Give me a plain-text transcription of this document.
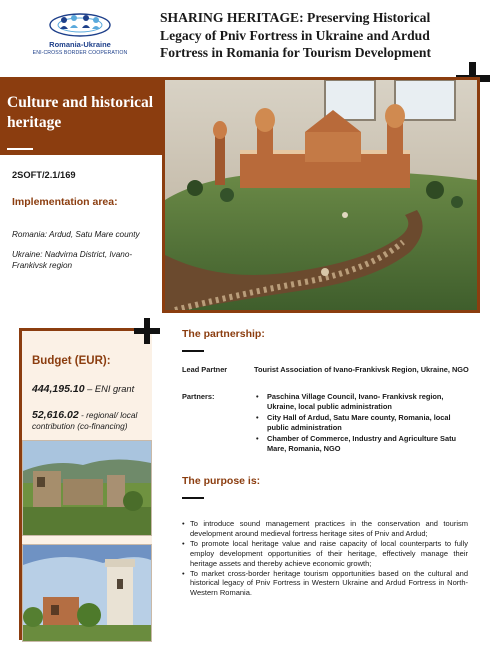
Romania-Ukraine
ENI-CROSS BORDER COOPERATION
SHARING HERITAGE: Preserving Historical Legacy of Pniv Fortress in Ukraine and Ardud Fortress in Romania for Tourism Development
Culture and historical heritage
2SOFT/2.1/169
Implementation area:
Romania: Ardud, Satu Mare county
Ukraine: Nadvirna District, Ivano-Frankivsk region
Budget (EUR):
444,195.10 – ENI grant
52,616.02 - regional/ local contribution (co-financing)
The partnership:
Lead Partner	Tourist Association of Ivano-Frankivsk Region, Ukraine, NGO
Partners:
•	Paschina Village Council, Ivano- Frankivsk region, Ukraine, local public administration
• City Hall of Ardud, Satu Mare county, Romania, local public administration
• Chamber of Commerce, Industry and Agriculture Satu Mare, Romania, NGO
The purpose is:
• To introduce sound management practices in the conservation and tourism development around medieval fortress heritage sites of Pniv and Ardud;
• To promote local heritage value and raise capacity of local counterparts to fully employ development opportunities of their heritage, effectively manage their heritage assets and thereby achieve economic growth;
• To market cross-border heritage tourism opportunities based on the cultural and historical legacy of Pniv Fortress in Western Ukraine and Ardud Fortress in North-Western Romania.
